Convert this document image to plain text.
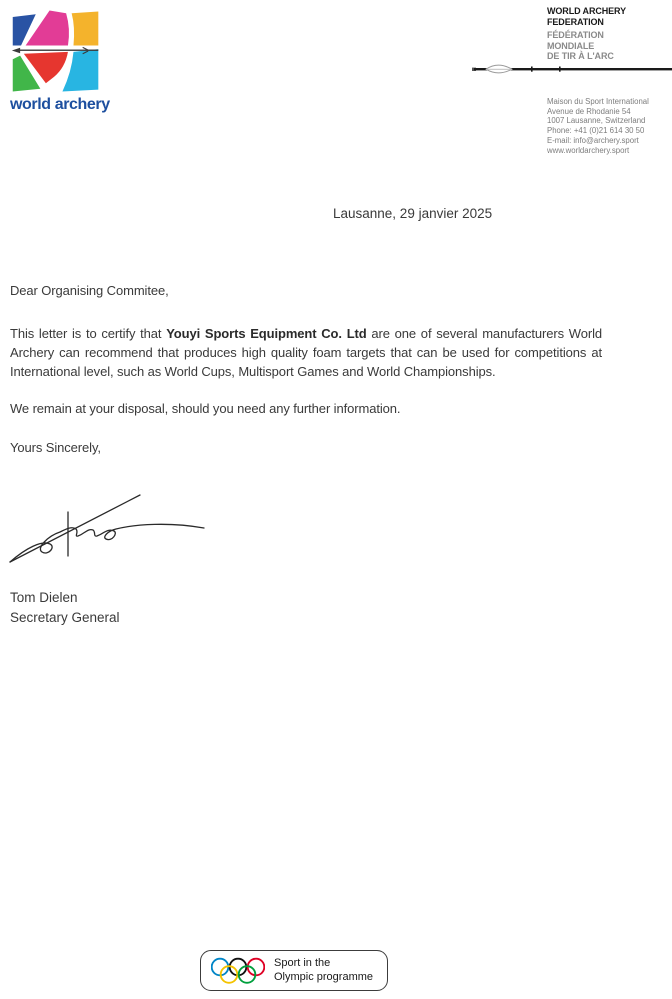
world archery
WORLD ARCHERY
FEDERATION
FÉDÉRATION
MONDIALE
DE TIR À L'ARC
Maison du Sport International
Avenue de Rhodanie 54
1007 Lausanne, Switzerland
Phone: +41 (0)21 614 30 50
E-mail: info@archery.sport
www.worldarchery.sport
Lausanne, 29 janvier 2025
Dear Organising Commitee,

This letter is to certify that Youyi Sports Equipment Co. Ltd are one of several manufacturers World Archery can recommend that produces high quality foam targets that can be used for competitions at International level, such as World Cups, Multisport Games and World Championships.

We remain at your disposal, should you need any further information.

Yours Sincerely,

Tom Dielen
Secretary General
Sport in the
Olympic programme
